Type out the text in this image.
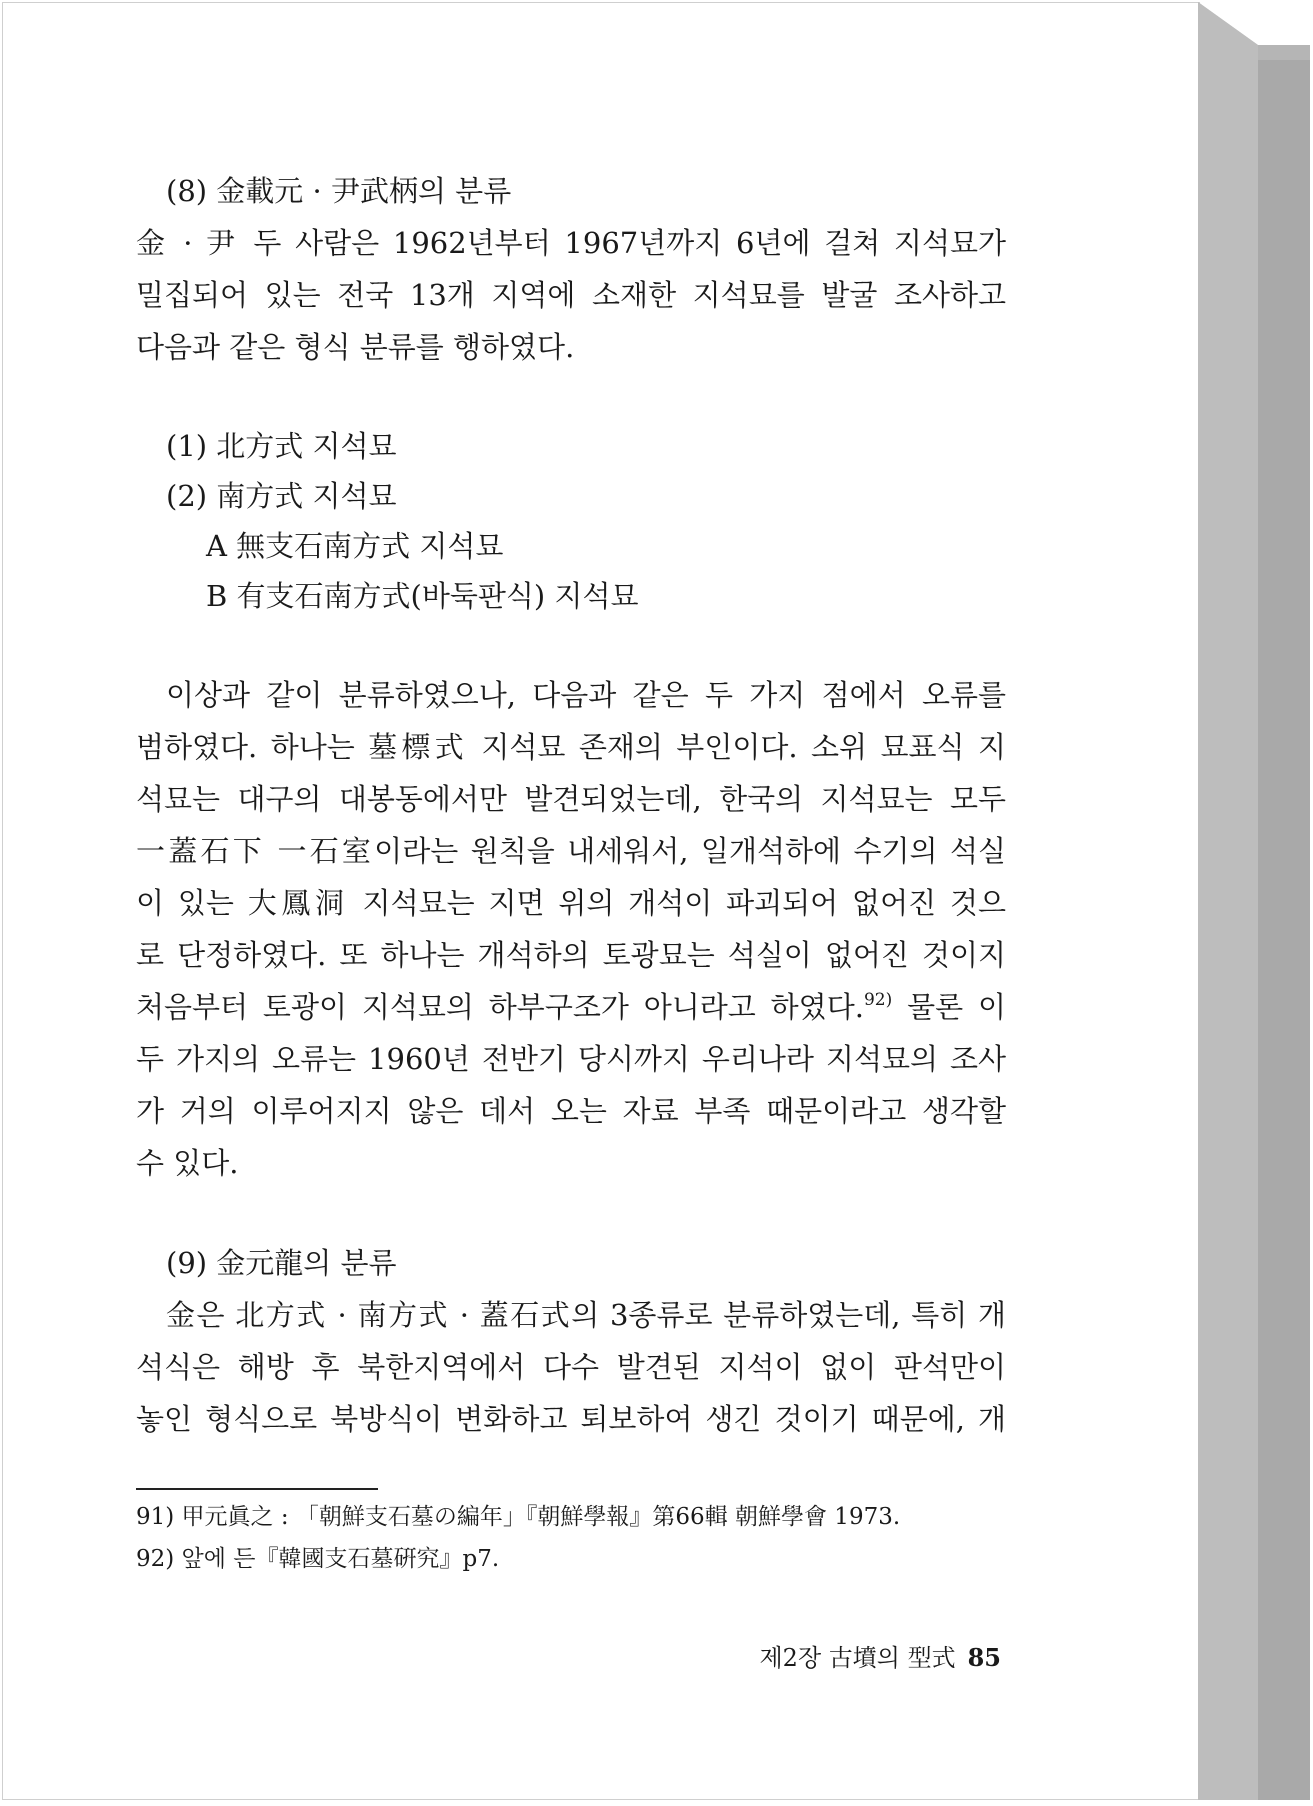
(8) 金載元 · 尹武柄의 분류

金 · 尹 두 사람은 1962년부터 1967년까지 6년에 걸쳐 지석묘가
밀집되어 있는 전국 13개 지역에 소재한 지석묘를 발굴 조사하고
다음과 같은 형식 분류를 행하였다.
(1) 北方式 지석묘
(2) 南方式 지석묘
A 無支石南方式 지석묘
B 有支石南方式(바둑판식) 지석묘
이상과 같이 분류하였으나, 다음과 같은 두 가지 점에서 오류를
범하였다. 하나는 墓標式 지석묘 존재의 부인이다. 소위 묘표식 지
석묘는 대구의 대봉동에서만 발견되었는데, 한국의 지석묘는 모두
一蓋石下 一石室이라는 원칙을 내세워서, 일개석하에 수기의 석실
이 있는 大鳳洞 지석묘는 지면 위의 개석이 파괴되어 없어진 것으
로 단정하였다. 또 하나는 개석하의 토광묘는 석실이 없어진 것이지
처음부터 토광이 지석묘의 하부구조가 아니라고 하였다.$^{92)}$ 물론 이
두 가지의 오류는 1960년 전반기 당시까지 우리나라 지석묘의 조사
가 거의 이루어지지 않은 데서 오는 자료 부족 때문이라고 생각할
수 있다.

(9) 金元龍의 분류

金은 北方式 · 南方式 · 蓋石式의 3종류로 분류하였는데, 특히 개
석식은 해방 후 북한지역에서 다수 발견된 지석이 없이 판석만이
놓인 형식으로 북방식이 변화하고 퇴보하여 생긴 것이기 때문에, 개
91) 甲元眞之 : 「朝鮮支石墓の編年」『朝鮮學報』第66輯 朝鮮學會 1973.
92) 앞에 든『韓國支石墓硏究』p7.
제2장 古墳의 型式 85
